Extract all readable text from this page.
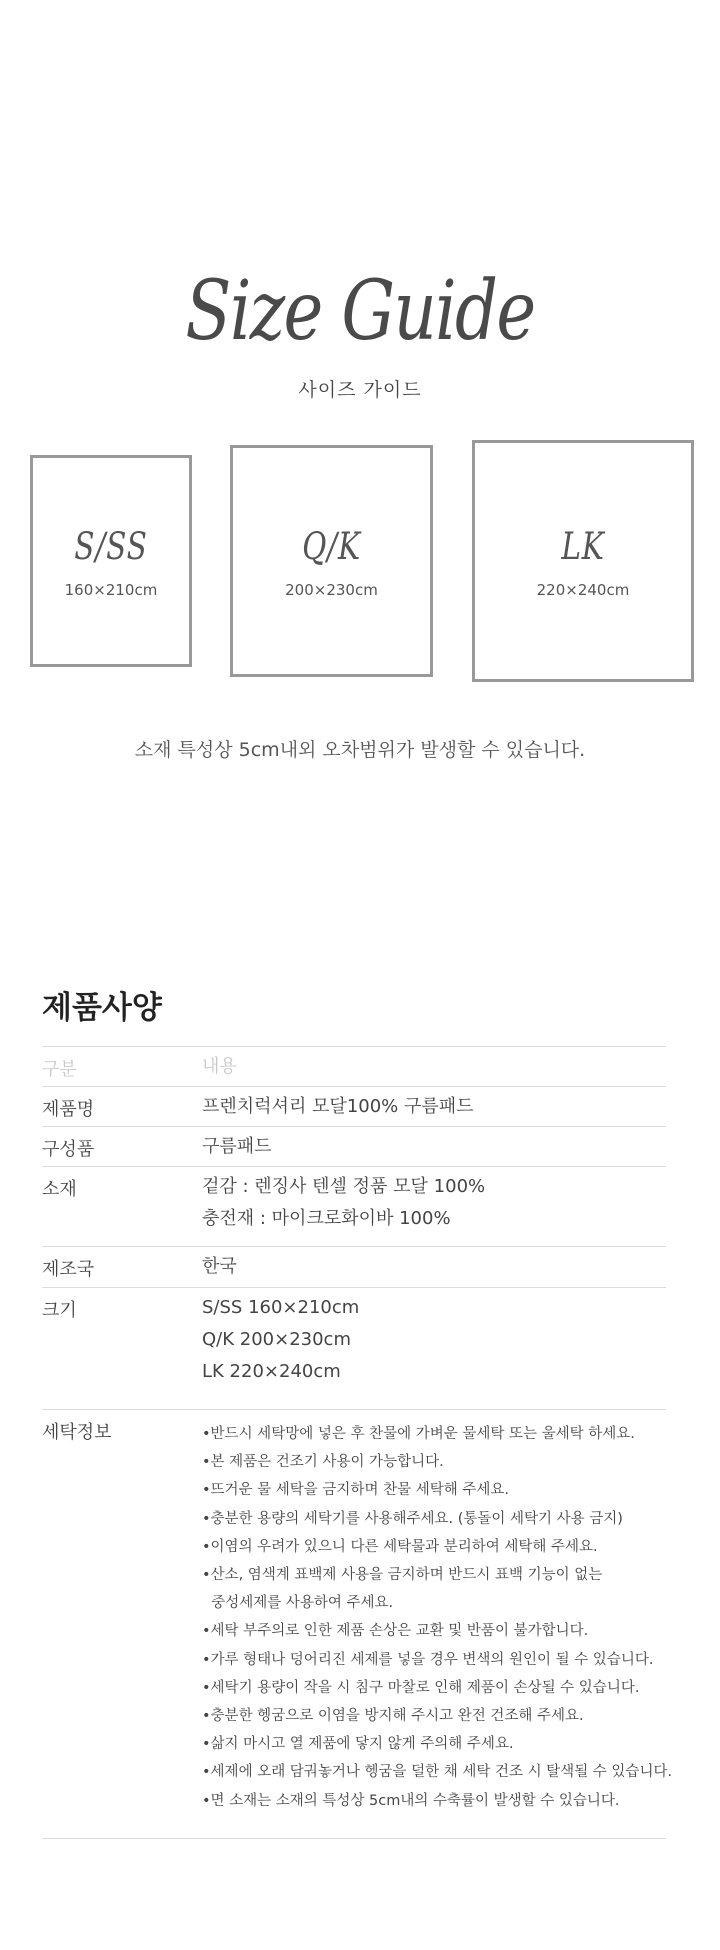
Size Guide
사이즈 가이드
S/SS
160×210cm
Q/K
200×230cm
LK
220×240cm
소재 특성상 5cm내외 오차범위가 발생할 수 있습니다.
제품사양
구분	내용
제품명	프렌치럭셔리 모달100% 구름패드
구성품	구름패드
소재	겉감 : 렌징사 텐셀 정품 모달 100%
충전재 : 마이크로화이바 100%
제조국	한국
크기	S/SS 160×210cm
Q/K 200×230cm
LK 220×240cm
세탁정보	•반드시 세탁망에 넣은 후 찬물에 가벼운 물세탁 또는 울세탁 하세요.
•본 제품은 건조기 사용이 가능합니다.
•뜨거운 물 세탁을 금지하며 찬물 세탁해 주세요.
•충분한 용량의 세탁기를 사용해주세요. (통돌이 세탁기 사용 금지)
•이염의 우려가 있으니 다른 세탁물과 분리하여 세탁해 주세요.
•산소, 염색계 표백제 사용을 금지하며 반드시 표백 기능이 없는
중성세제를 사용하여 주세요.
•세탁 부주의로 인한 제품 손상은 교환 및 반품이 불가합니다.
•가루 형태나 덩어리진 세제를 넣을 경우 변색의 원인이 될 수 있습니다.
•세탁기 용량이 작을 시 침구 마찰로 인해 제품이 손상될 수 있습니다.
•충분한 헹굼으로 이염을 방지해 주시고 완전 건조해 주세요.
•삶지 마시고 열 제품에 닿지 않게 주의해 주세요.
•세제에 오래 담궈놓거나 헹굼을 덜한 채 세탁 건조 시 탈색될 수 있습니다.
•면 소재는 소재의 특성상 5cm내의 수축률이 발생할 수 있습니다.
